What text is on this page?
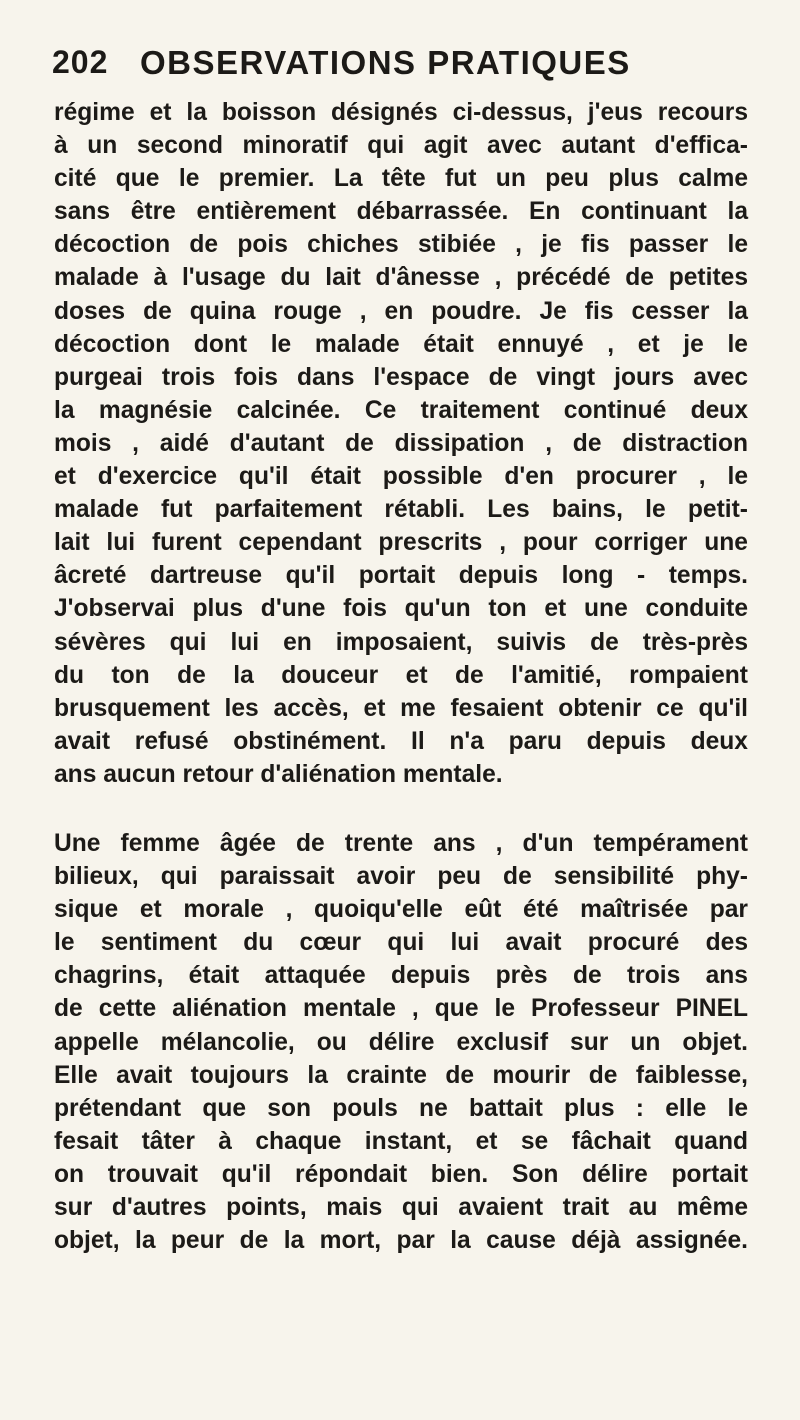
202 OBSERVATIONS PRATIQUES
régime et la boisson désignés ci-dessus, j'eus recours
à un second minoratif qui agit avec autant d'effica-
cité que le premier. La tête fut un peu plus calme
sans être entièrement débarrassée. En continuant la
décoction de pois chiches stibiée , je fis passer le
malade à l'usage du lait d'ânesse , précédé de petites
doses de quina rouge , en poudre. Je fis cesser la
décoction dont le malade était ennuyé , et je le
purgeai trois fois dans l'espace de vingt jours avec
la magnésie calcinée. Ce traitement continué deux
mois , aidé d'autant de dissipation , de distraction
et d'exercice qu'il était possible d'en procurer , le
malade fut parfaitement rétabli. Les bains, le petit-
lait lui furent cependant prescrits , pour corriger une
âcreté dartreuse qu'il portait depuis long - temps.
J'observai plus d'une fois qu'un ton et une conduite
sévères qui lui en imposaient, suivis de très-près
du ton de la douceur et de l'amitié, rompaient
brusquement les accès, et me fesaient obtenir ce qu'il
avait refusé obstinément. Il n'a paru depuis deux
ans aucun retour d'aliénation mentale.
Une femme âgée de trente ans , d'un tempérament
bilieux, qui paraissait avoir peu de sensibilité phy-
sique et morale , quoiqu'elle eût été maîtrisée par
le sentiment du cœur qui lui avait procuré des
chagrins, était attaquée depuis près de trois ans
de cette aliénation mentale , que le Professeur PINEL
appelle mélancolie, ou délire exclusif sur un objet.
Elle avait toujours la crainte de mourir de faiblesse,
prétendant que son pouls ne battait plus : elle le
fesait tâter à chaque instant, et se fâchait quand
on trouvait qu'il répondait bien. Son délire portait
sur d'autres points, mais qui avaient trait au même
objet, la peur de la mort, par la cause déjà assignée.
